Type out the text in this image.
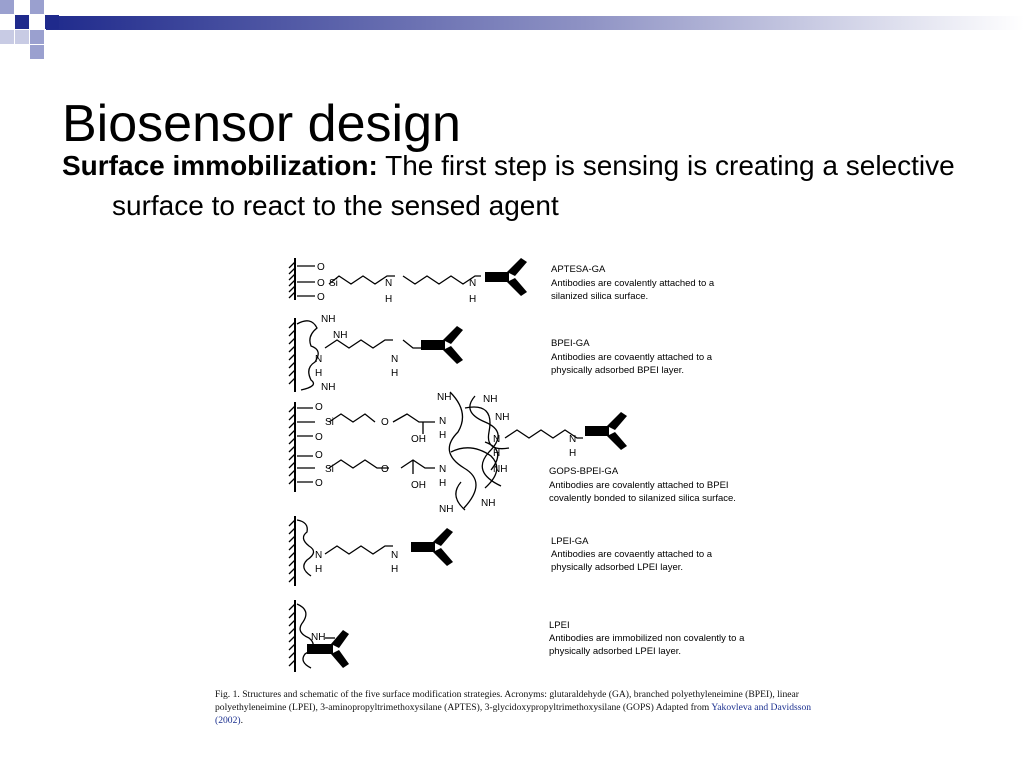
Biosensor design
Surface immobilization: The first step is sensing is creating a selective surface to react to the sensed agent
O
O
O
Si	N
H
N
H
NH
NH
N
H
N
H
NH
O
O
Si	O
OH
N
H
O
O
Si	O
OH
N
H
NH	NH
NH
NH
NH
NH
N
H
N
H
N
H
N
H
NH
APTESA-GA
Antibodies are covalently attached to a
silanized silica surface.
BPEI-GA
Antibodies are covaently attached to a
physically adsorbed BPEI layer.
GOPS-BPEI-GA
Antibodies are covalently attached to BPEI
covalently bonded to silanized silica surface.
LPEI-GA
Antibodies are covaently attached to a
physically adsorbed LPEI layer.
LPEI
Antibodies are immobilized non covalently to a
physically adsorbed LPEI layer.
Fig. 1. Structures and schematic of the five surface modification strategies. Acronyms: glutaraldehyde (GA), branched polyethyleneimine (BPEI), linear polyethyleneimine (LPEI), 3-aminopropyltrimethoxysilane (APTES), 3-glycidoxypropyltrimethoxysilane (GOPS) Adapted from Yakovleva and Davidsson (2002).
